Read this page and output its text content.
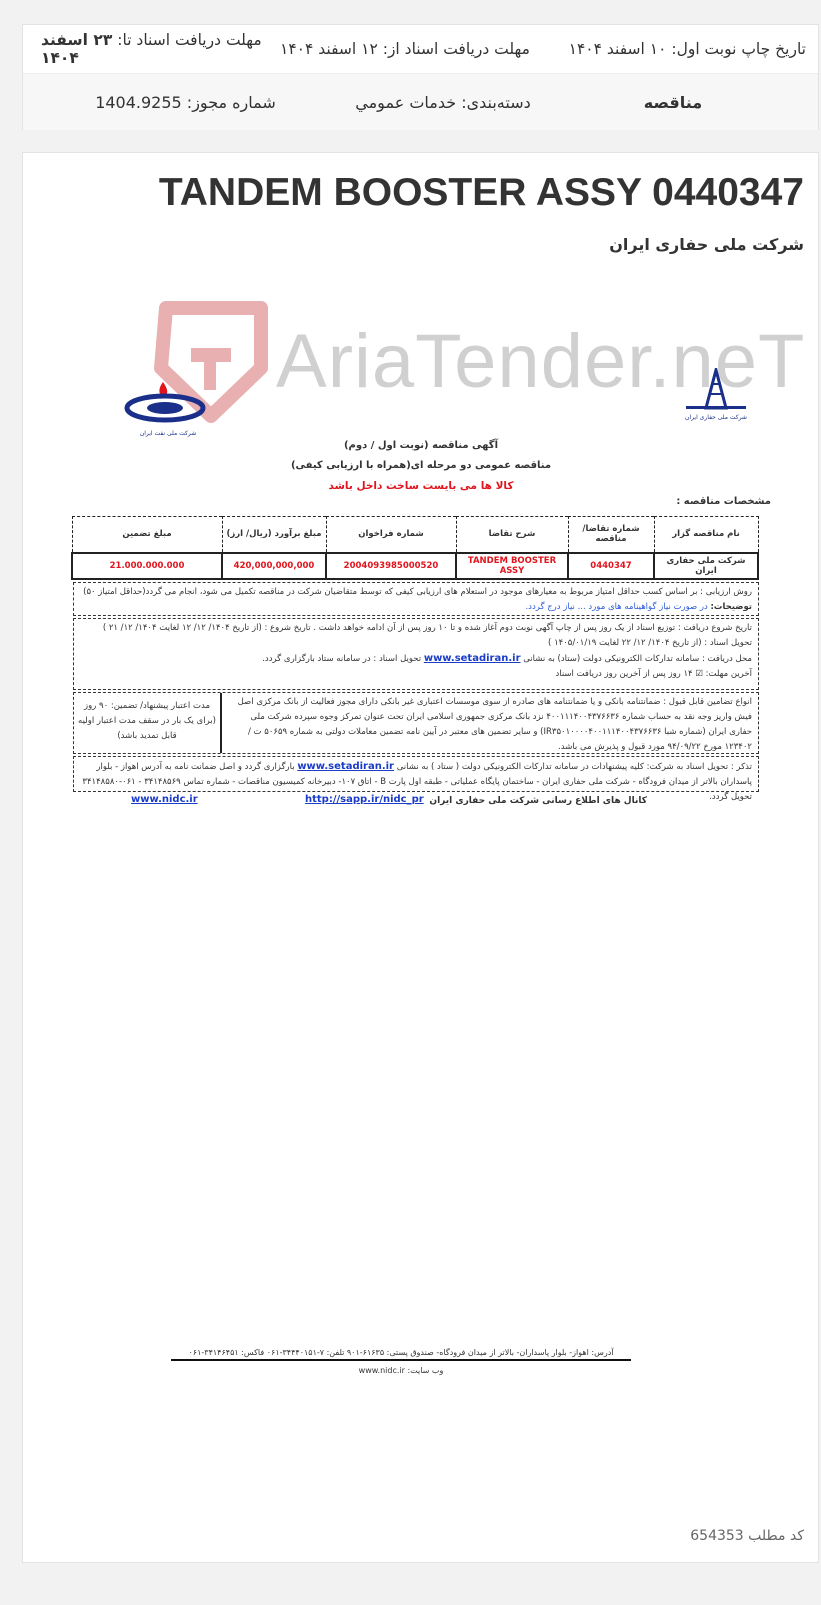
تاریخ چاپ نوبت اول: ۱۰ اسفند ۱۴۰۴
مهلت دریافت اسناد از: ۱۲ اسفند ۱۴۰۴
مهلت دریافت اسناد تا: ۲۳ اسفند ۱۴۰۴
مناقصه
دسته‌بندی: خدمات عمومي
شماره مجوز: 1404.9255
TANDEM BOOSTER ASSY 0440347
شرکت ملی حفاری ایران
AriaTender.neT
شرکت ملی نفت ایران
شرکت ملی حفاری ایران
آگهی مناقصه (نوبت اول / دوم)
مناقصه عمومی دو مرحله ای(همراه با ارزیابی کیفی)
کالا ها می بایست ساخت داخل باشد
مشخصات مناقصه :
نام مناقصه گزار	شماره تقاضا/ مناقصه	شرح تقاضا	شماره فراخوان	مبلغ برآورد (ریال/ ارز)	مبلغ تضمین
شرکت ملی حفاری ایران	0440347	TANDEM BOOSTER ASSY	2004093985000520	420,000,000,000	21.000.000.000
روش ارزیابی : بر اساس کسب حداقل امتیاز مربوط به معیارهای موجود در استعلام های ارزیابی کیفی که توسط متقاضیان شرکت در مناقصه تکمیل می شود، انجام می گردد(حداقل امتیاز ۵۰)
توضیحات: در صورت نیاز گواهینامه های مورد ... نیاز درج گردد.
تاریخ شروع دریافت : توزیع اسناد از یک روز پس از چاپ آگهی نوبت دوم آغاز شده و تا ۱۰ روز پس از آن ادامه خواهد داشت . تاریخ شروع : (از تاریخ ۱۴۰۴/ ۱۲/ ۱۲ لغایت ۱۴۰۴/ ۱۲/ ۲۱ )
تحویل اسناد : (از تاریخ ۱۴۰۴/ ۱۲/ ۲۲ لغایت ۱۴۰۵/۰۱/۱۹ )
محل دریافت : سامانه تدارکات الکترونیکی دولت (ستاد) به نشانی www.setadiran.ir تحویل اسناد : در سامانه ستاد بارگزاری گردد.
آخرین مهلت: ☑ ۱۴ روز پس از آخرین روز دریافت اسناد
انواع تضامین قابل قبول : ضمانتنامه بانکی و یا ضمانتنامه های صادره از سوی موسسات اعتباری غیر بانکی دارای مجوز فعالیت از بانک مرکزی اصل فیش واریز وجه نقد به حساب شماره ۴۰۰۱۱۱۴۰۰۴۳۷۶۶۳۶ نزد بانک مرکزی جمهوری اسلامی ایران تحت عنوان تمرکز وجوه سپرده شرکت ملی حفاری ایران (شماره شبا IR۳۵۰۱۰۰۰۰۴۰۰۱۱۱۴۰۰۴۳۷۶۶۳۶) و سایر تضمین های معتبر در آیین نامه تضمین معاملات دولتی به شماره ۵۰۶۵۹ ت / ۱۲۳۴۰۲ مورخ ۹۴/۰۹/۲۲ مورد قبول و پذیرش می باشد.
مدت اعتبار پیشنهاد/ تضمین: ۹۰ روز (برای یک بار در سقف مدت اعتبار اولیه قابل تمدید باشد)
تذکر : تحویل اسناد به شرکت: کلیه پیشنهادات در سامانه تدارکات الکترونیکی دولت ( ستاد ) به نشانی www.setadiran.ir بارگزاری گردد و اصل ضمانت نامه به آدرس اهواز - بلوار پاسداران بالاتر از میدان فرودگاه - شرکت ملی حفاری ایران - ساختمان پایگاه عملیاتی - طبقه اول پارت B - اتاق ۱۰۷- دبیرخانه کمیسیون مناقصات - شماره تماس ۳۴۱۴۸۵۶۹ - ۰۶۱-۳۴۱۴۸۵۸۰ تحویل گردد.
کانال های اطلاع رسانی شرکت ملی حفاری ایران
http://sapp.ir/nidc_pr
www.nidc.ir
آدرس: اهواز- بلوار پاسداران- بالاتر از میدان فرودگاه- صندوق پستی: ۶۱۶۳۵-۹۰۱ تلفن: ۷-۳۴۴۴۰۱۵۱-۰۶۱ فاکس: ۳۴۱۴۶۴۵۱-۰۶۱
وب سایت: www.nidc.ir
کد مطلب 654353
